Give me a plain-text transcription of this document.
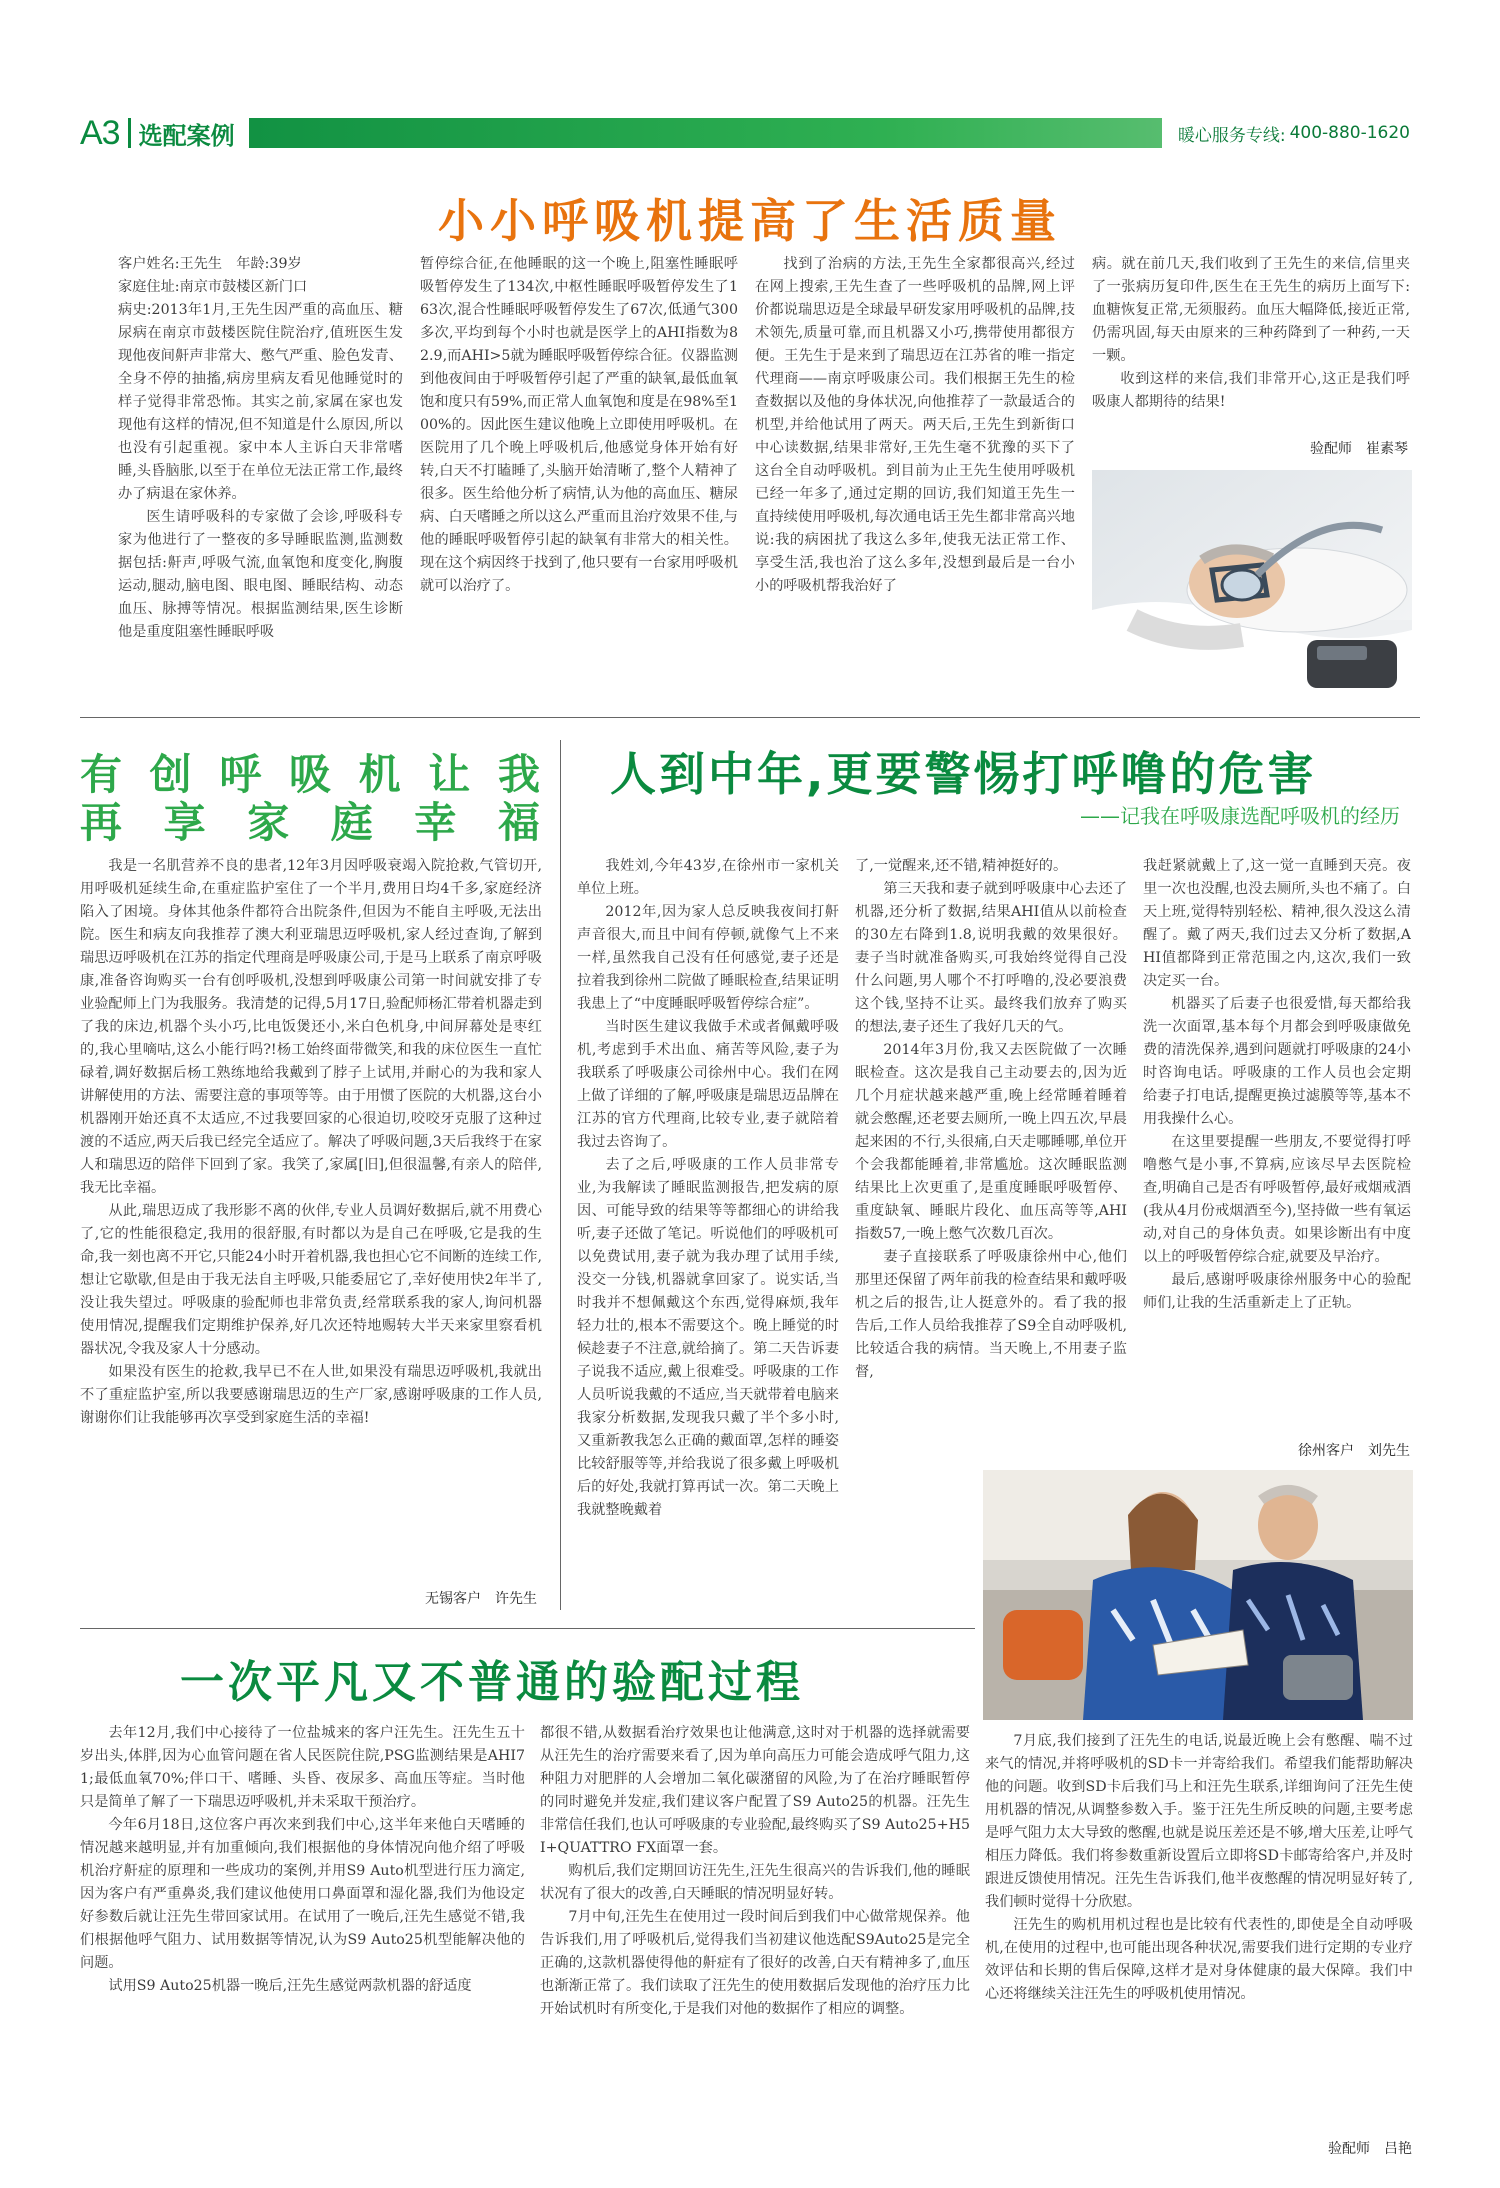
A3 选配案例	暖心服务专线: 400-880-1620
小小呼吸机提高了生活质量

客户姓名:王先生　年龄:39岁

家庭住址:南京市鼓楼区新门口

病史:2013年1月,王先生因严重的高血压、糖尿病在南京市鼓楼医院住院治疗,值班医生发现他夜间鼾声非常大、憋气严重、脸色发青、全身不停的抽搐,病房里病友看见他睡觉时的样子觉得非常恐怖。其实之前,家属在家也发现他有这样的情况,但不知道是什么原因,所以也没有引起重视。家中本人主诉白天非常嗜睡,头昏脑胀,以至于在单位无法正常工作,最终办了病退在家休养。

医生请呼吸科的专家做了会诊,呼吸科专家为他进行了一整夜的多导睡眠监测,监测数据包括:鼾声,呼吸气流,血氧饱和度变化,胸腹运动,腿动,脑电图、眼电图、睡眠结构、动态血压、脉搏等情况。根据监测结果,医生诊断他是重度阻塞性睡眠呼吸

暂停综合征,在他睡眠的这一个晚上,阻塞性睡眠呼吸暂停发生了134次,中枢性睡眠呼吸暂停发生了163次,混合性睡眠呼吸暂停发生了67次,低通气300多次,平均到每个小时也就是医学上的AHI指数为82.9,而AHI>5就为睡眠呼吸暂停综合征。仪器监测到他夜间由于呼吸暂停引起了严重的缺氧,最低血氧饱和度只有59%,而正常人血氧饱和度是在98%至100%的。因此医生建议他晚上立即使用呼吸机。在医院用了几个晚上呼吸机后,他感觉身体开始有好转,白天不打瞌睡了,头脑开始清晰了,整个人精神了很多。医生给他分析了病情,认为他的高血压、糖尿病、白天嗜睡之所以这么严重而且治疗效果不佳,与他的睡眠呼吸暂停引起的缺氧有非常大的相关性。现在这个病因终于找到了,他只要有一台家用呼吸机就可以治疗了。

找到了治病的方法,王先生全家都很高兴,经过在网上搜索,王先生查了一些呼吸机的品牌,网上评价都说瑞思迈是全球最早研发家用呼吸机的品牌,技术领先,质量可靠,而且机器又小巧,携带使用都很方便。王先生于是来到了瑞思迈在江苏省的唯一指定代理商——南京呼吸康公司。我们根据王先生的检查数据以及他的身体状况,向他推荐了一款最适合的机型,并给他试用了两天。两天后,王先生到新街口中心读数据,结果非常好,王先生毫不犹豫的买下了这台全自动呼吸机。到目前为止王先生使用呼吸机已经一年多了,通过定期的回访,我们知道王先生一直持续使用呼吸机,每次通电话王先生都非常高兴地说:我的病困扰了我这么多年,使我无法正常工作、享受生活,我也治了这么多年,没想到最后是一台小小的呼吸机帮我治好了

病。就在前几天,我们收到了王先生的来信,信里夹了一张病历复印件,医生在王先生的病历上面写下:血糖恢复正常,无须服药。血压大幅降低,接近正常,仍需巩固,每天由原来的三种药降到了一种药,一天一颗。

收到这样的来信,我们非常开心,这正是我们呼吸康人都期待的结果!

验配师　崔素琴
有 创 呼 吸 机 让 我
再 享 家 庭 幸 福

我是一名肌营养不良的患者,12年3月因呼吸衰竭入院抢救,气管切开,用呼吸机延续生命,在重症监护室住了一个半月,费用日均4千多,家庭经济陷入了困境。身体其他条件都符合出院条件,但因为不能自主呼吸,无法出院。医生和病友向我推荐了澳大利亚瑞思迈呼吸机,家人经过查询,了解到瑞思迈呼吸机在江苏的指定代理商是呼吸康公司,于是马上联系了南京呼吸康,准备咨询购买一台有创呼吸机,没想到呼吸康公司第一时间就安排了专业验配师上门为我服务。我清楚的记得,5月17日,验配师杨汇带着机器走到了我的床边,机器个头小巧,比电饭煲还小,米白色机身,中间屏幕处是枣红的,我心里嘀咕,这么小能行吗?!杨工始终面带微笑,和我的床位医生一直忙碌着,调好数据后杨工熟练地给我戴到了脖子上试用,并耐心的为我和家人讲解使用的方法、需要注意的事项等等。由于用惯了医院的大机器,这台小机器刚开始还真不太适应,不过我要回家的心很迫切,咬咬牙克服了这种过渡的不适应,两天后我已经完全适应了。解决了呼吸问题,3天后我终于在家人和瑞思迈的陪伴下回到了家。我笑了,家属[旧],但很温馨,有亲人的陪伴,我无比幸福。

从此,瑞思迈成了我形影不离的伙伴,专业人员调好数据后,就不用费心了,它的性能很稳定,我用的很舒服,有时都以为是自己在呼吸,它是我的生命,我一刻也离不开它,只能24小时开着机器,我也担心它不间断的连续工作,想让它歇歇,但是由于我无法自主呼吸,只能委屈它了,幸好使用快2年半了,没让我失望过。呼吸康的验配师也非常负责,经常联系我的家人,询问机器使用情况,提醒我们定期维护保养,好几次还特地赐转大半天来家里察看机器状况,令我及家人十分感动。

如果没有医生的抢救,我早已不在人世,如果没有瑞思迈呼吸机,我就出不了重症监护室,所以我要感谢瑞思迈的生产厂家,感谢呼吸康的工作人员,谢谢你们让我能够再次享受到家庭生活的幸福!

无锡客户　许先生
人到中年,更要警惕打呼噜的危害
——记我在呼吸康选配呼吸机的经历

我姓刘,今年43岁,在徐州市一家机关单位上班。

2012年,因为家人总反映我夜间打鼾声音很大,而且中间有停顿,就像气上不来一样,虽然我自己没有任何感觉,妻子还是拉着我到徐州二院做了睡眠检查,结果证明我患上了“中度睡眠呼吸暂停综合症”。

当时医生建议我做手术或者佩戴呼吸机,考虑到手术出血、痛苦等风险,妻子为我联系了呼吸康公司徐州中心。我们在网上做了详细的了解,呼吸康是瑞思迈品牌在江苏的官方代理商,比较专业,妻子就陪着我过去咨询了。

去了之后,呼吸康的工作人员非常专业,为我解读了睡眠监测报告,把发病的原因、可能导致的结果等等都细心的讲给我听,妻子还做了笔记。听说他们的呼吸机可以免费试用,妻子就为我办理了试用手续,没交一分钱,机器就拿回家了。说实话,当时我并不想佩戴这个东西,觉得麻烦,我年轻力壮的,根本不需要这个。晚上睡觉的时候趁妻子不注意,就给摘了。第二天告诉妻子说我不适应,戴上很难受。呼吸康的工作人员听说我戴的不适应,当天就带着电脑来我家分析数据,发现我只戴了半个多小时,又重新教我怎么正确的戴面罩,怎样的睡姿比较舒服等等,并给我说了很多戴上呼吸机后的好处,我就打算再试一次。第二天晚上我就整晚戴着

了,一觉醒来,还不错,精神挺好的。

第三天我和妻子就到呼吸康中心去还了机器,还分析了数据,结果AHI值从以前检查的30左右降到1.8,说明我戴的效果很好。妻子当时就准备购买,可我始终觉得自己没什么问题,男人哪个不打呼噜的,没必要浪费这个钱,坚持不让买。最终我们放弃了购买的想法,妻子还生了我好几天的气。

2014年3月份,我又去医院做了一次睡眠检查。这次是我自己主动要去的,因为近几个月症状越来越严重,晚上经常睡着睡着就会憋醒,还老要去厕所,一晚上四五次,早晨起来困的不行,头很痛,白天走哪睡哪,单位开个会我都能睡着,非常尴尬。这次睡眠监测结果比上次更重了,是重度睡眠呼吸暂停、重度缺氧、睡眠片段化、血压高等等,AHI指数57,一晚上憋气次数几百次。

妻子直接联系了呼吸康徐州中心,他们那里还保留了两年前我的检查结果和戴呼吸机之后的报告,让人挺意外的。看了我的报告后,工作人员给我推荐了S9全自动呼吸机,比较适合我的病情。当天晚上,不用妻子监督,

我赶紧就戴上了,这一觉一直睡到天亮。夜里一次也没醒,也没去厕所,头也不痛了。白天上班,觉得特别轻松、精神,很久没这么清醒了。戴了两天,我们过去又分析了数据,AHI值都降到正常范围之内,这次,我们一致决定买一台。

机器买了后妻子也很爱惜,每天都给我洗一次面罩,基本每个月都会到呼吸康做免费的清洗保养,遇到问题就打呼吸康的24小时咨询电话。呼吸康的工作人员也会定期给妻子打电话,提醒更换过滤膜等等,基本不用我操什么心。

在这里要提醒一些朋友,不要觉得打呼噜憋气是小事,不算病,应该尽早去医院检查,明确自己是否有呼吸暂停,最好戒烟戒酒(我从4月份戒烟酒至今),坚持做一些有氧运动,对自己的身体负责。如果诊断出有中度以上的呼吸暂停综合症,就要及早治疗。

最后,感谢呼吸康徐州服务中心的验配师们,让我的生活重新走上了正轨。

徐州客户　刘先生
一次平凡又不普通的验配过程

去年12月,我们中心接待了一位盐城来的客户汪先生。汪先生五十岁出头,体胖,因为心血管问题在省人民医院住院,PSG监测结果是AHI71;最低血氧70%;伴口干、嗜睡、头昏、夜尿多、高血压等症。当时他只是简单了解了一下瑞思迈呼吸机,并未采取干预治疗。

今年6月18日,这位客户再次来到我们中心,这半年来他白天嗜睡的情况越来越明显,并有加重倾向,我们根据他的身体情况向他介绍了呼吸机治疗鼾症的原理和一些成功的案例,并用S9 Auto机型进行压力滴定,因为客户有严重鼻炎,我们建议他使用口鼻面罩和湿化器,我们为他设定好参数后就让汪先生带回家试用。在试用了一晚后,汪先生感觉不错,我们根据他呼气阻力、试用数据等情况,认为S9 Auto25机型能解决他的问题。

试用S9 Auto25机器一晚后,汪先生感觉两款机器的舒适度

都很不错,从数据看治疗效果也让他满意,这时对于机器的选择就需要从汪先生的治疗需要来看了,因为单向高压力可能会造成呼气阻力,这种阻力对肥胖的人会增加二氧化碳潴留的风险,为了在治疗睡眠暂停的同时避免并发症,我们建议客户配置了S9 Auto25的机器。汪先生非常信任我们,也认可呼吸康的专业验配,最终购买了S9 Auto25+H5I+QUATTRO FX面罩一套。

购机后,我们定期回访汪先生,汪先生很高兴的告诉我们,他的睡眠状况有了很大的改善,白天睡眠的情况明显好转。

7月中旬,汪先生在使用过一段时间后到我们中心做常规保养。他告诉我们,用了呼吸机后,觉得我们当初建议他选配S9Auto25是完全正确的,这款机器使得他的鼾症有了很好的改善,白天有精神多了,血压也渐渐正常了。我们读取了汪先生的使用数据后发现他的治疗压力比开始试机时有所变化,于是我们对他的数据作了相应的调整。

7月底,我们接到了汪先生的电话,说最近晚上会有憋醒、喘不过来气的情况,并将呼吸机的SD卡一并寄给我们。希望我们能帮助解决他的问题。收到SD卡后我们马上和汪先生联系,详细询问了汪先生使用机器的情况,从调整参数入手。鉴于汪先生所反映的问题,主要考虑是呼气阻力太大导致的憋醒,也就是说压差还是不够,增大压差,让呼气相压力降低。我们将参数重新设置后立即将SD卡邮寄给客户,并及时跟进反馈使用情况。汪先生告诉我们,他半夜憋醒的情况明显好转了,我们顿时觉得十分欣慰。

汪先生的购机用机过程也是比较有代表性的,即使是全自动呼吸机,在使用的过程中,也可能出现各种状况,需要我们进行定期的专业疗效评估和长期的售后保障,这样才是对身体健康的最大保障。我们中心还将继续关注汪先生的呼吸机使用情况。

验配师　吕艳
